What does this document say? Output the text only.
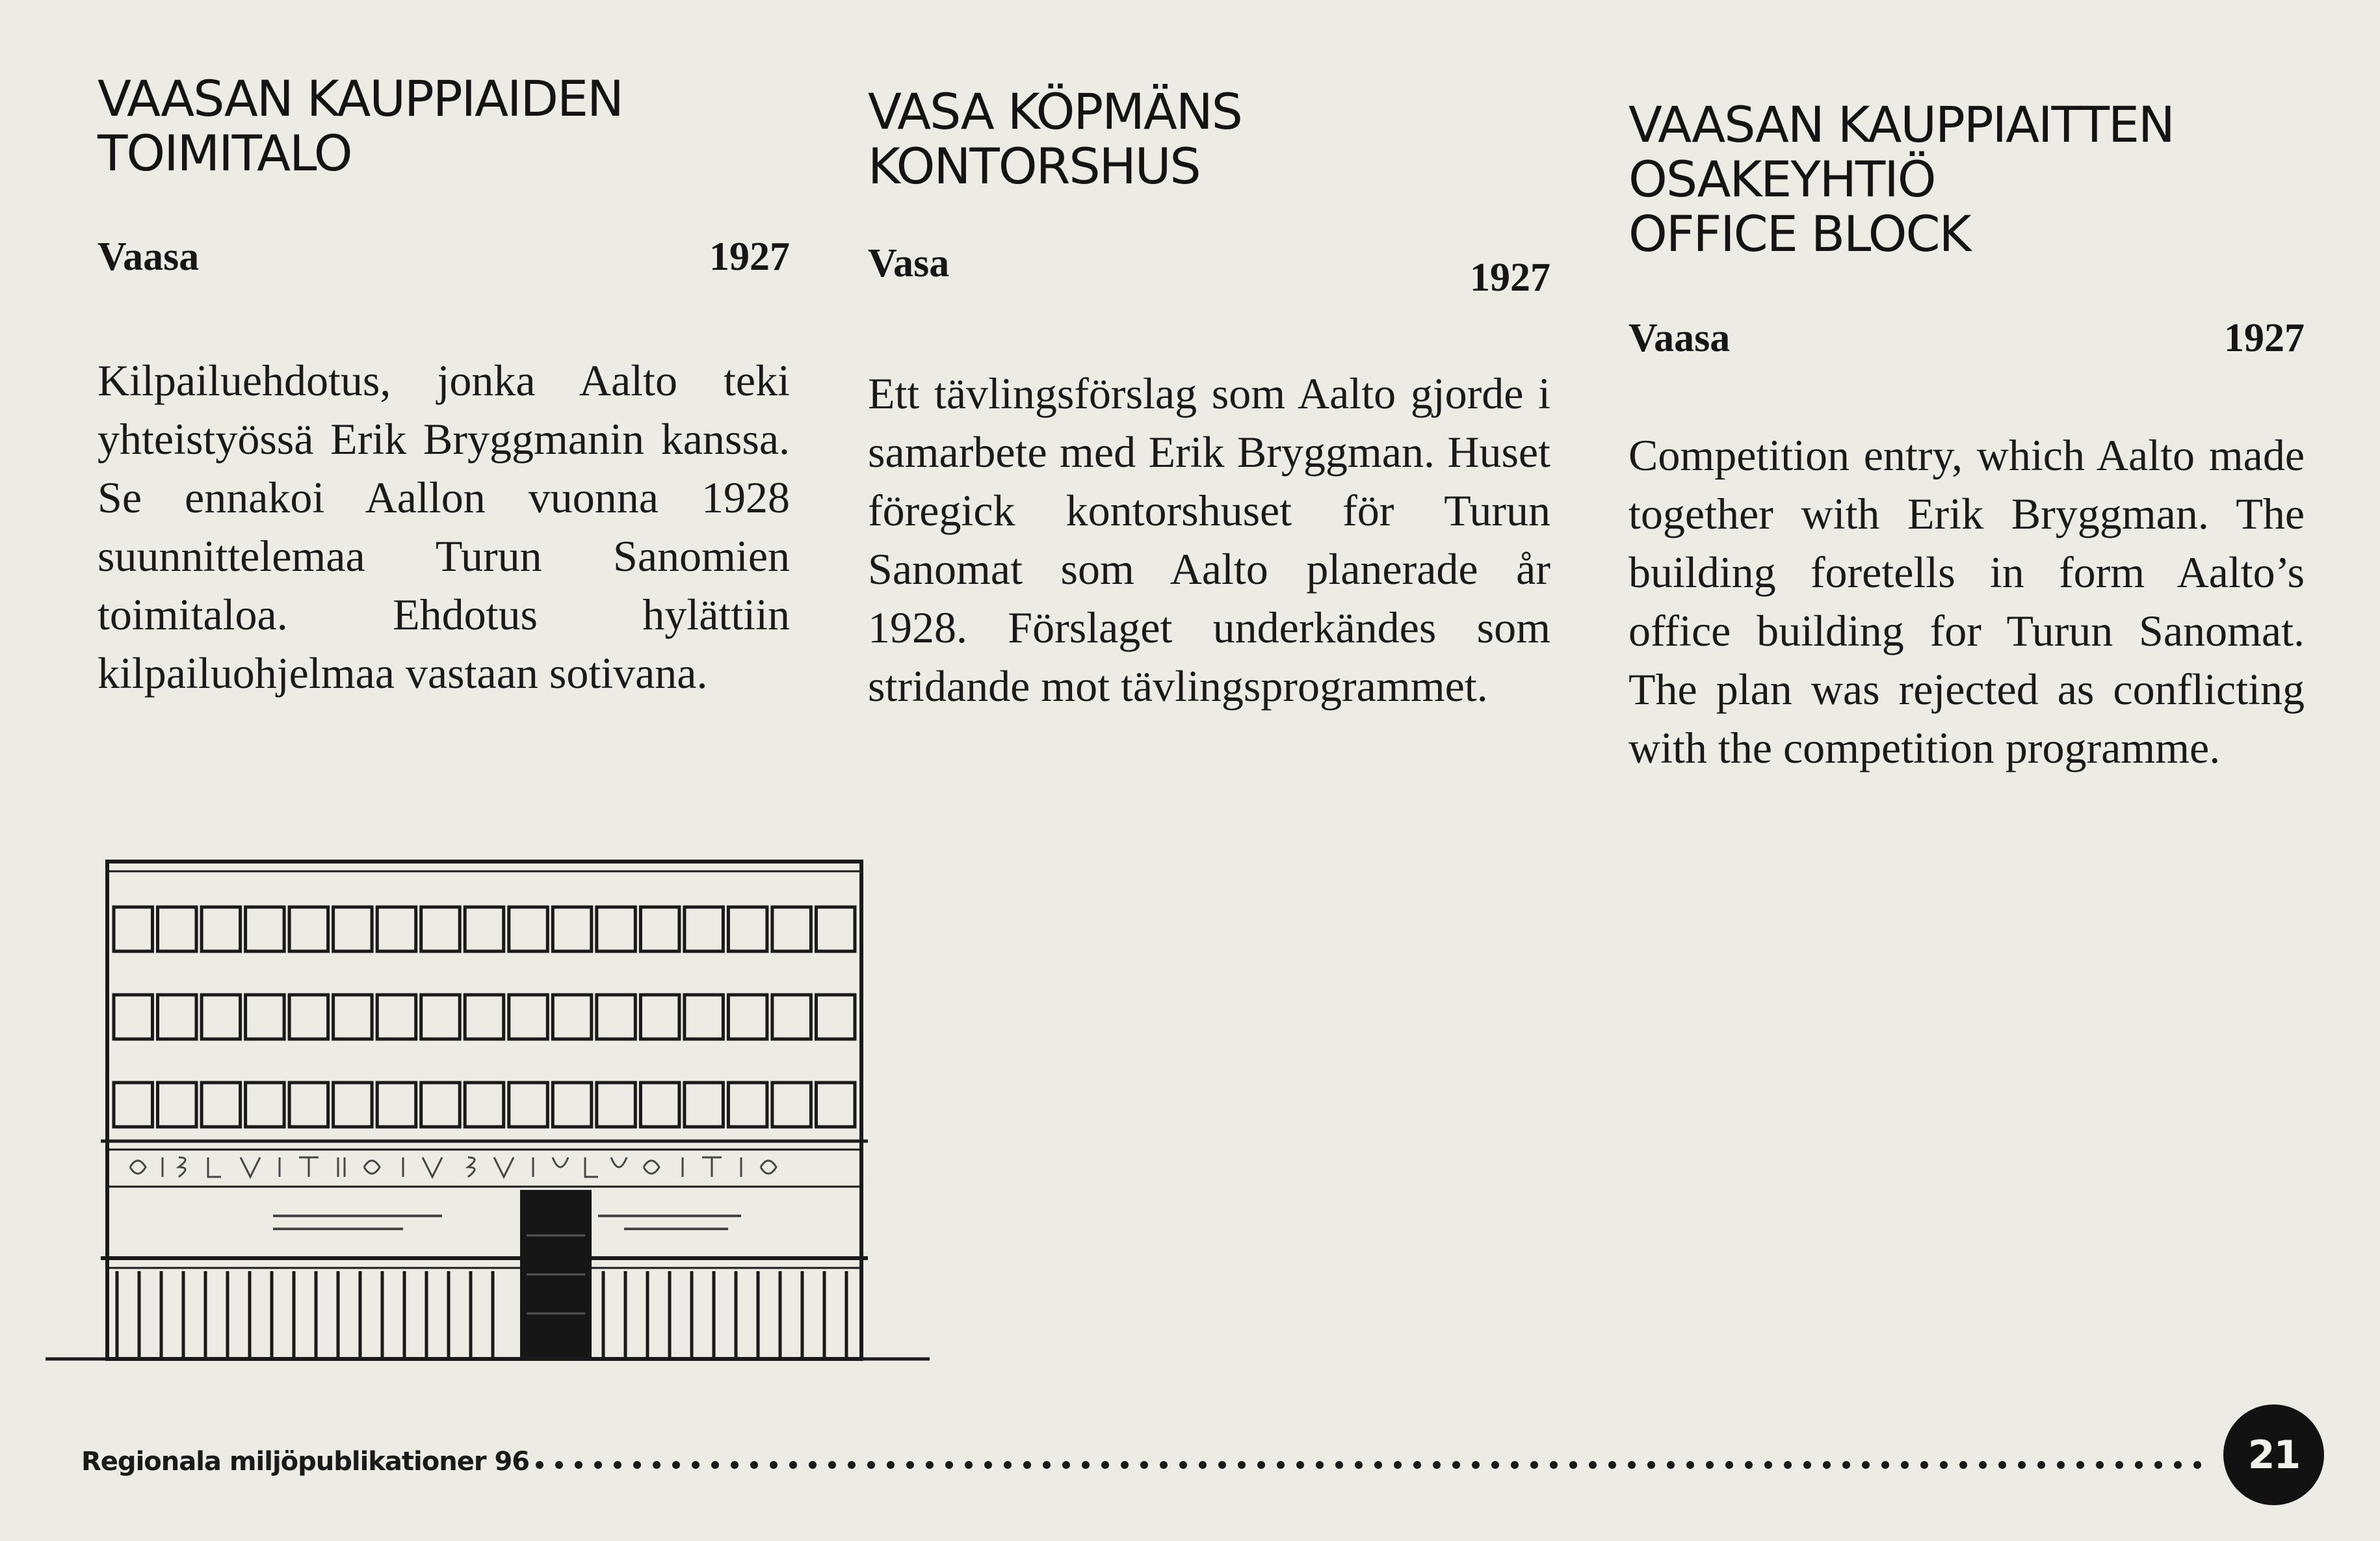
VAASAN KAUPPIAIDEN
TOIMITALO
Vaasa	1927

Kilpailuehdotus, jonka Aalto teki yhteistyössä Erik Bryggmanin kanssa. Se ennakoi Aallon vuonna 1928 suunnittelemaa Turun Sanomien toimitaloa. Ehdotus hylättiin kilpailuohjelmaa vastaan sotivana.

VASA KÖPMÄNS
KONTORSHUS
Vasa	1927

Ett tävlingsförslag som Aalto gjorde i samarbete med Erik Bryggman. Huset föregick kontorshuset för Turun Sanomat som Aalto planerade år 1928. Förslaget underkändes som stridande mot tävlingsprogrammet.

VAASAN KAUPPIAITTEN
OSAKEYHTIÖ
OFFICE BLOCK
Vaasa	1927

Competition entry, which Aalto made together with Erik Bryggman. The building foretells in form Aalto’s office building for Turun Sanomat. The plan was rejected as conflicting with the competition programme.

Regionala miljöpublikationer 96	21
